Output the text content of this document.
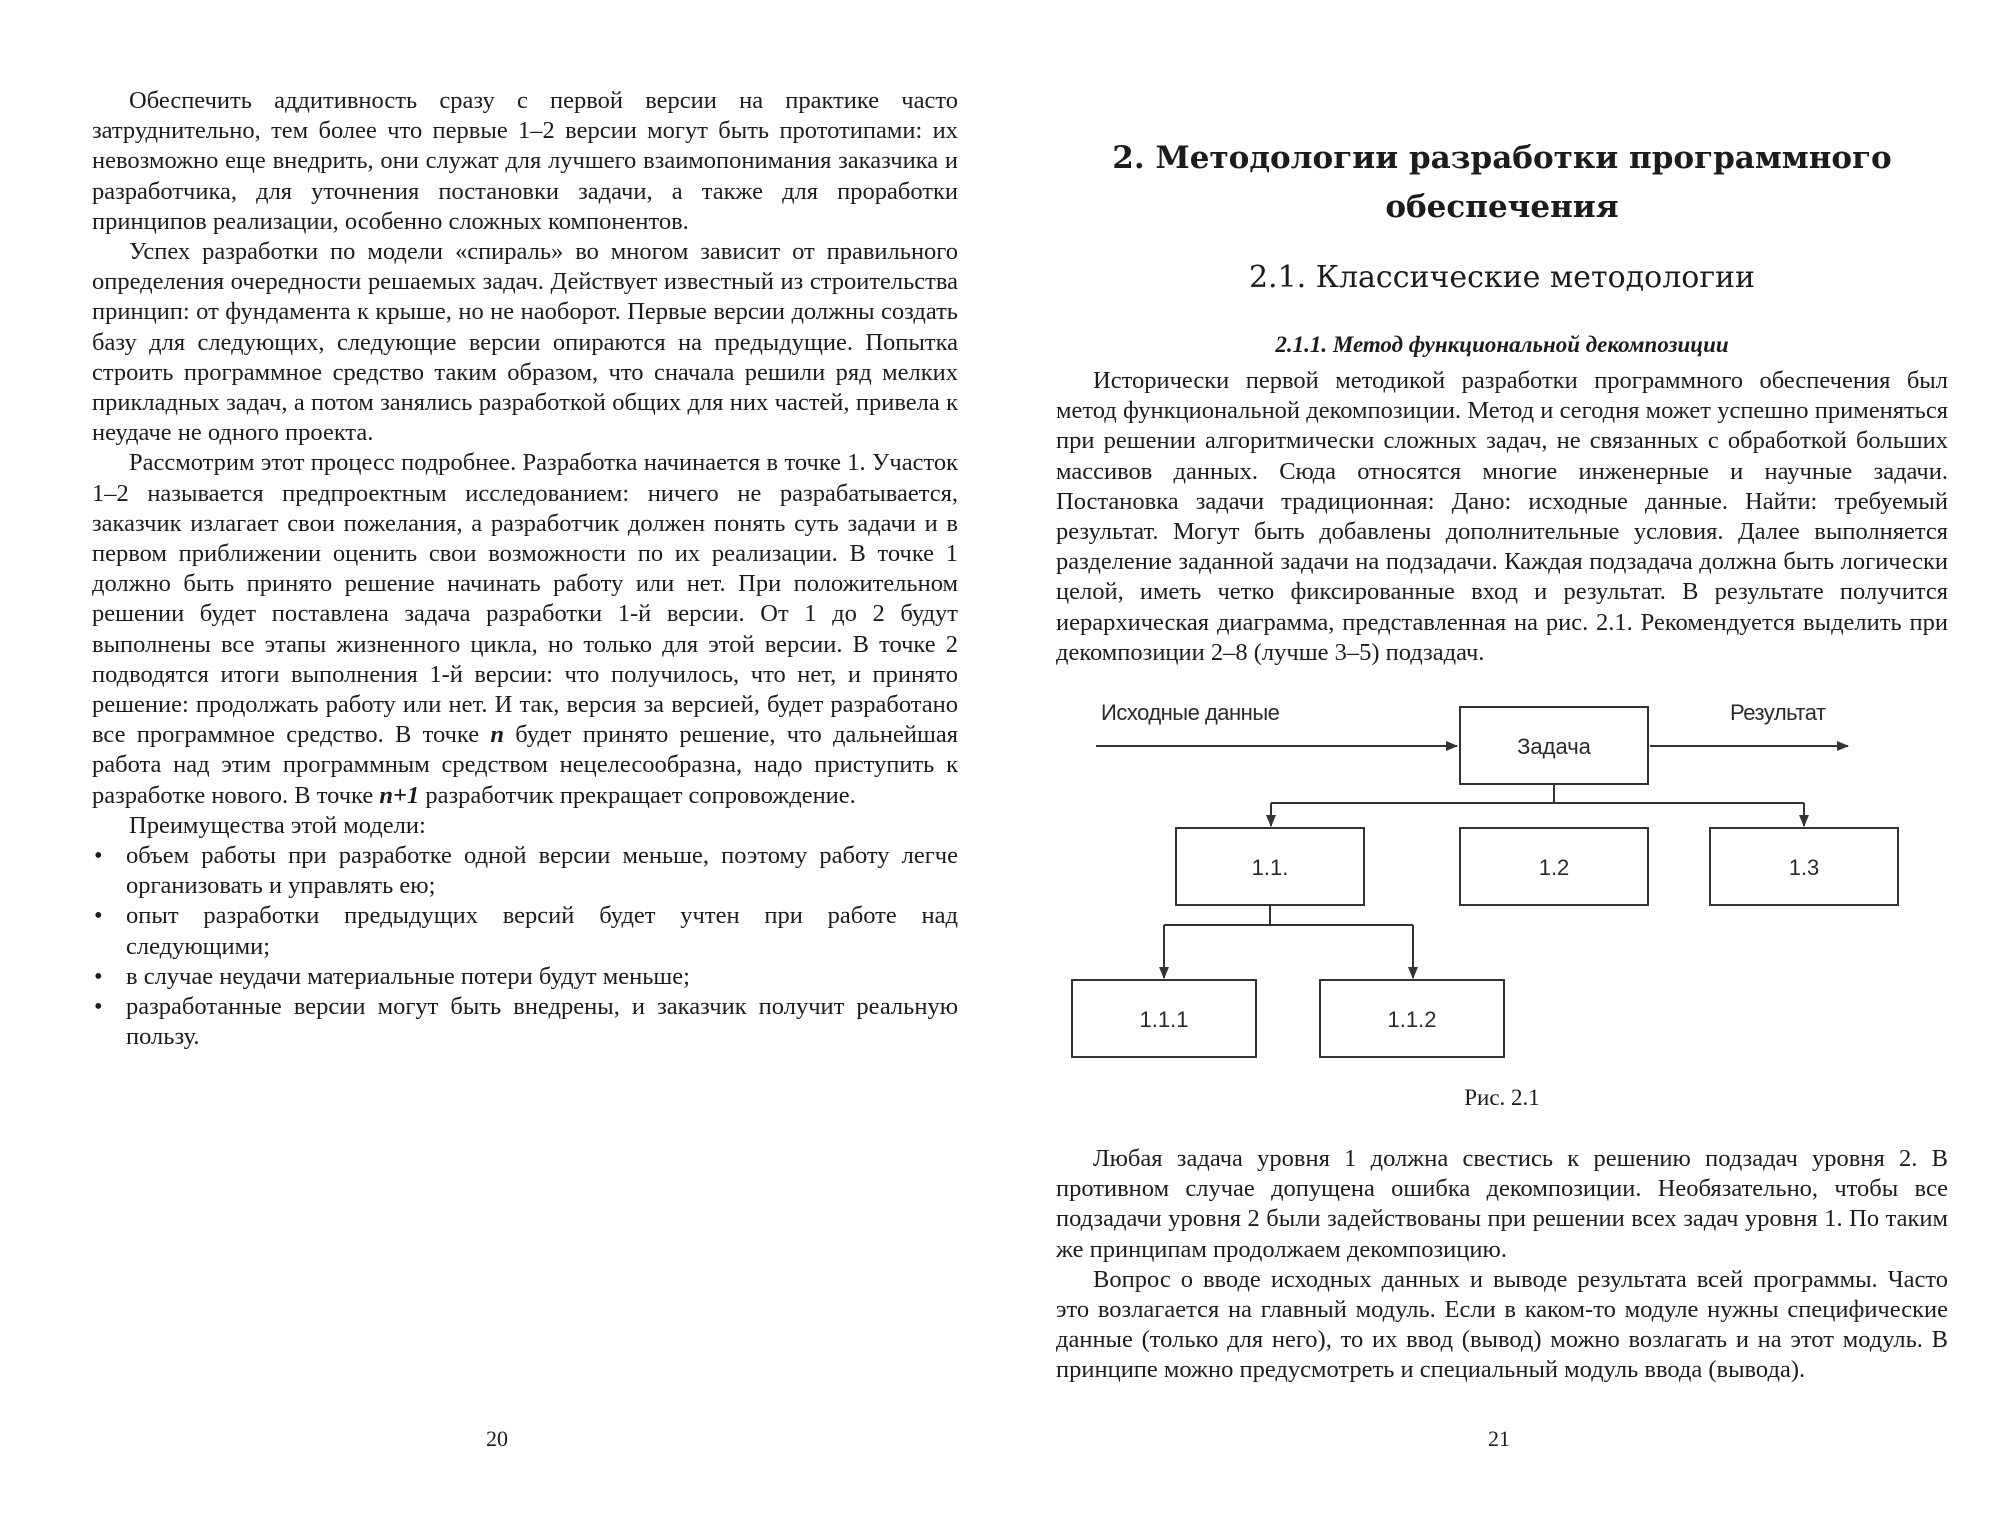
Обеспечить аддитивность сразу с первой версии на практике часто затруднительно, тем более что первые 1–2 версии могут быть прототипами: их невозможно еще внедрить, они служат для лучшего взаимопонимания заказчика и разработчика, для уточнения постановки задачи, а также для проработки принципов реализации, особенно сложных компонентов.

Успех разработки по модели «спираль» во многом зависит от правильного определения очередности решаемых задач. Действует известный из строительства принцип: от фундамента к крыше, но не наоборот. Первые версии должны создать базу для следующих, следующие версии опираются на предыдущие. Попытка строить программное средство таким образом, что сначала решили ряд мелких прикладных задач, а потом занялись разработкой общих для них частей, привела к неудаче не одного проекта.

Рассмотрим этот процесс подробнее. Разработка начинается в точке 1. Участок 1–2 называется предпроектным исследованием: ничего не разрабатывается, заказчик излагает свои пожелания, а разработчик должен понять суть задачи и в первом приближении оценить свои возможности по их реализации. В точке 1 должно быть принято решение начинать работу или нет. При положительном решении будет поставлена задача разработки 1-й версии. От 1 до 2 будут выполнены все этапы жизненного цикла, но только для этой версии. В точке 2 подводятся итоги выполнения 1-й версии: что получилось, что нет, и принято решение: продолжать работу или нет. И так, версия за версией, будет разработано все программное средство. В точке n будет принято решение, что дальнейшая работа над этим программным средством нецелесообразна, надо приступить к разработке нового. В точке n+1 разработчик прекращает сопровождение.

Преимущества этой модели:

• объем работы при разработке одной версии меньше, поэтому работу легче организовать и управлять ею;
• опыт разработки предыдущих версий будет учтен при работе над следующими;
• в случае неудачи материальные потери будут меньше;
• разработанные версии могут быть внедрены, и заказчик получит реальную пользу.
20
2. Методологии разработки программного обеспечения
2.1. Классические методологии
2.1.1. Метод функциональной декомпозиции

Исторически первой методикой разработки программного обеспечения был метод функциональной декомпозиции. Метод и сегодня может успешно применяться при решении алгоритмически сложных задач, не связанных с обработкой больших массивов данных. Сюда относятся многие инженерные и научные задачи. Постановка задачи традиционная: Дано: исходные данные. Найти: требуемый результат. Могут быть добавлены дополнительные условия. Далее выполняется разделение заданной задачи на подзадачи. Каждая подзадача должна быть логически целой, иметь четко фиксированные вход и результат. В результате получится иерархическая диаграмма, представленная на рис. 2.1. Рекомендуется выделить при декомпозиции 2–8 (лучше 3–5) подзадач.

Исходные данные	Результат
Задача
1.1.	1.2	1.3
1.1.1	1.1.2
Рис. 2.1

Любая задача уровня 1 должна свестись к решению подзадач уровня 2. В противном случае допущена ошибка декомпозиции. Необязательно, чтобы все подзадачи уровня 2 были задействованы при решении всех задач уровня 1. По таким же принципам продолжаем декомпозицию.

Вопрос о вводе исходных данных и выводе результата всей программы. Часто это возлагается на главный модуль. Если в каком-то модуле нужны специфические данные (только для него), то их ввод (вывод) можно возлагать и на этот модуль. В принципе можно предусмотреть и специальный модуль ввода (вывода).

21
